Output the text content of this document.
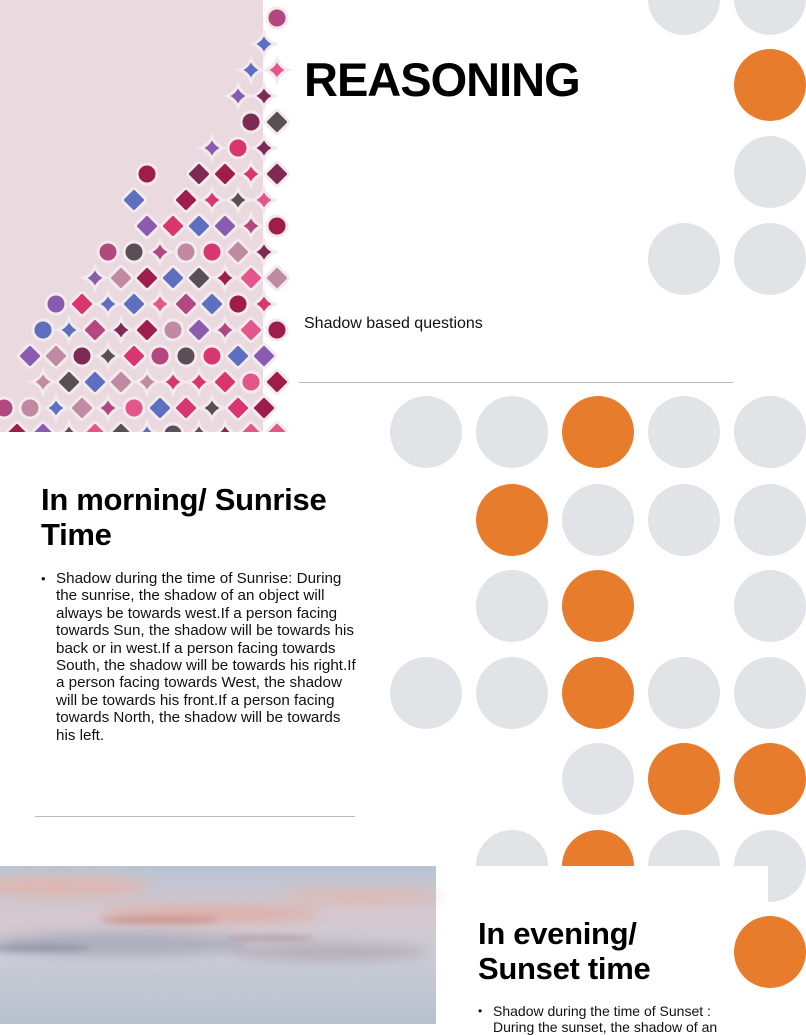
REASONING

Shadow based questions

In morning/ Sunrise Time
• Shadow during the time of Sunrise: During the sunrise, the shadow of an object will always be towards west.If a person facing towards Sun, the shadow will be towards his back or in west.If a person facing towards South, the shadow will be towards his right.If a person facing towards West, the shadow will be towards his front.If a person facing towards North, the shadow will be towards his left.
In evening/ Sunset time
• Shadow during the time of Sunset : During the sunset, the shadow of an
